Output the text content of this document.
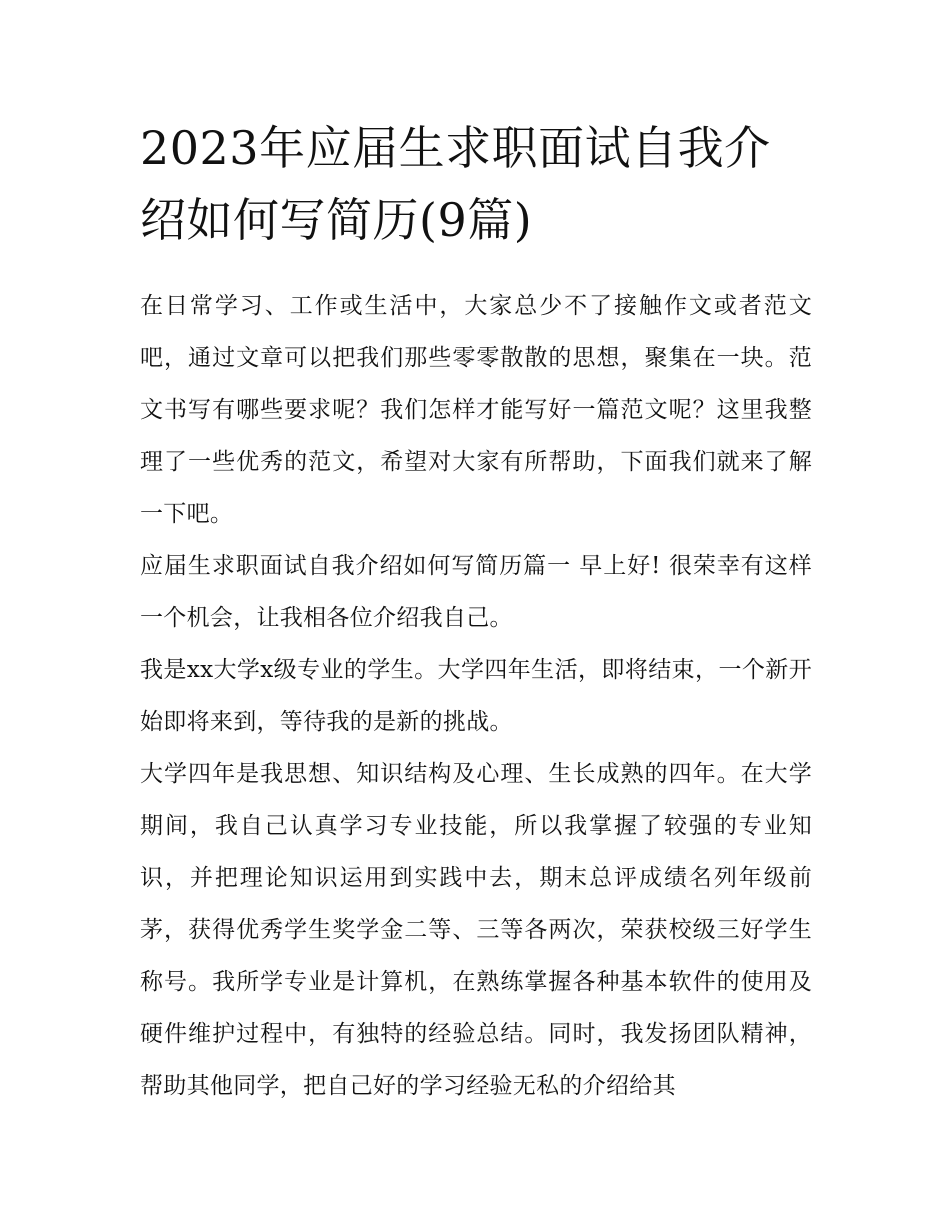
2023年应届生求职面试自我介绍如何写简历(9篇)

在日常学习、工作或生活中，大家总少不了接触作文或者范文吧，通过文章可以把我们那些零零散散的思想，聚集在一块。范文书写有哪些要求呢？我们怎样才能写好一篇范文呢？这里我整理了一些优秀的范文，希望对大家有所帮助，下面我们就来了解一下吧。

应届生求职面试自我介绍如何写简历篇一 早上好! 很荣幸有这样一个机会，让我相各位介绍我自己。

我是xx大学x级专业的学生。大学四年生活，即将结束，一个新开始即将来到，等待我的是新的挑战。

大学四年是我思想、知识结构及心理、生长成熟的四年。在大学期间，我自己认真学习专业技能，所以我掌握了较强的专业知识，并把理论知识运用到实践中去，期末总评成绩名列年级前茅，获得优秀学生奖学金二等、三等各两次，荣获校级三好学生称号。我所学专业是计算机，在熟练掌握各种基本软件的使用及硬件维护过程中，有独特的经验总结。同时，我发扬团队精神，帮助其他同学，把自己好的学习经验无私的介绍给其
